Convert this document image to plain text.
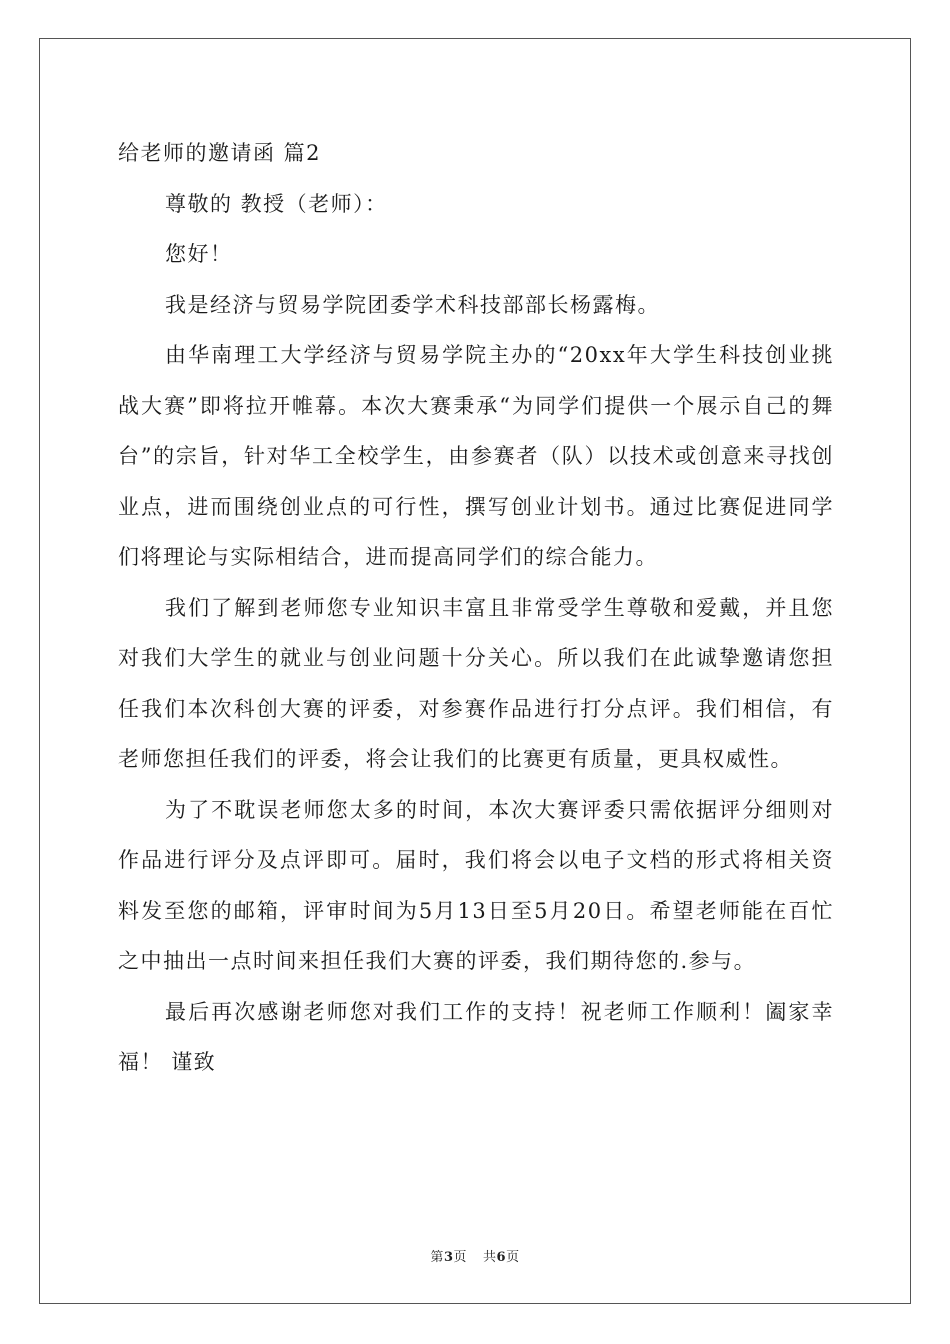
给老师的邀请函 篇2

尊敬的 教授（老师）：

您好！

我是经济与贸易学院团委学术科技部部长杨露梅。

由华南理工大学经济与贸易学院主办的“20xx年大学生科技创业挑战大赛”即将拉开帷幕。本次大赛秉承“为同学们提供一个展示自己的舞台”的宗旨，针对华工全校学生，由参赛者（队）以技术或创意来寻找创业点，进而围绕创业点的可行性，撰写创业计划书。通过比赛促进同学们将理论与实际相结合，进而提高同学们的综合能力。

我们了解到老师您专业知识丰富且非常受学生尊敬和爱戴，并且您对我们大学生的就业与创业问题十分关心。所以我们在此诚挚邀请您担任我们本次科创大赛的评委，对参赛作品进行打分点评。我们相信，有老师您担任我们的评委，将会让我们的比赛更有质量，更具权威性。

为了不耽误老师您太多的时间，本次大赛评委只需依据评分细则对作品进行评分及点评即可。届时，我们将会以电子文档的形式将相关资料发至您的邮箱，评审时间为5月13日至5月20日。希望老师能在百忙之中抽出一点时间来担任我们大赛的评委，我们期待您的.参与。

最后再次感谢老师您对我们工作的支持！祝老师工作顺利！阖家幸福！ 谨致

第3页 共6页
